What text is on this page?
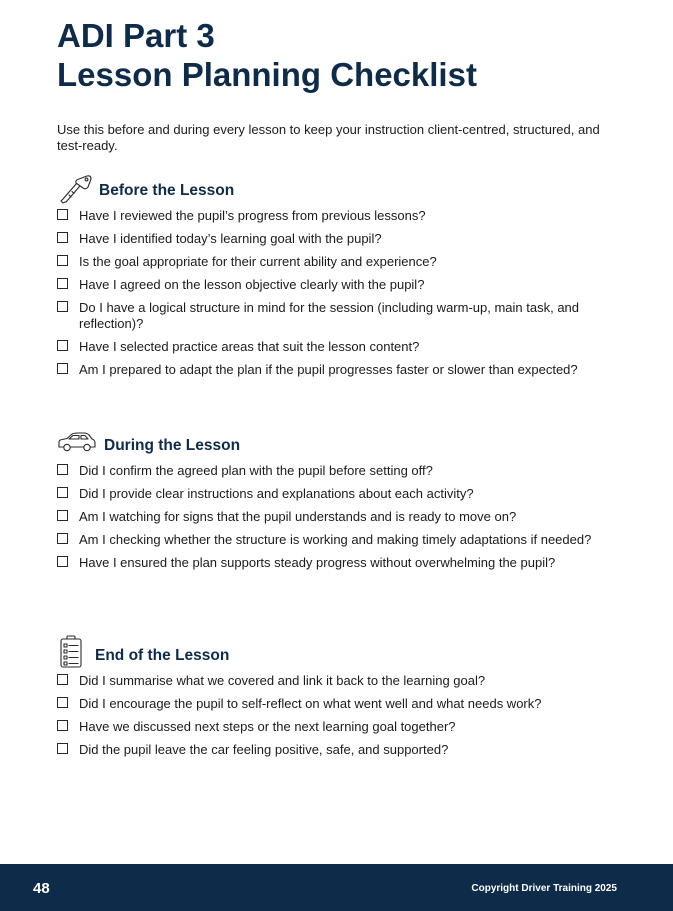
ADI Part 3
Lesson Planning Checklist

Use this before and during every lesson to keep your instruction client-centred, structured, and test-ready.

Before the Lesson
Have I reviewed the pupil’s progress from previous lessons?
Have I identified today’s learning goal with the pupil?
Is the goal appropriate for their current ability and experience?
Have I agreed on the lesson objective clearly with the pupil?
Do I have a logical structure in mind for the session (including warm-up, main task, and reflection)?
Have I selected practice areas that suit the lesson content?
Am I prepared to adapt the plan if the pupil progresses faster or slower than expected?
During the Lesson
Did I confirm the agreed plan with the pupil before setting off?
Did I provide clear instructions and explanations about each activity?
Am I watching for signs that the pupil understands and is ready to move on?
Am I checking whether the structure is working and making timely adaptations if needed?
Have I ensured the plan supports steady progress without overwhelming the pupil?
End of the Lesson
Did I summarise what we covered and link it back to the learning goal?
Did I encourage the pupil to self-reflect on what went well and what needs work?
Have we discussed next steps or the next learning goal together?
Did the pupil leave the car feeling positive, safe, and supported?
48	Copyright Driver Training 2025
